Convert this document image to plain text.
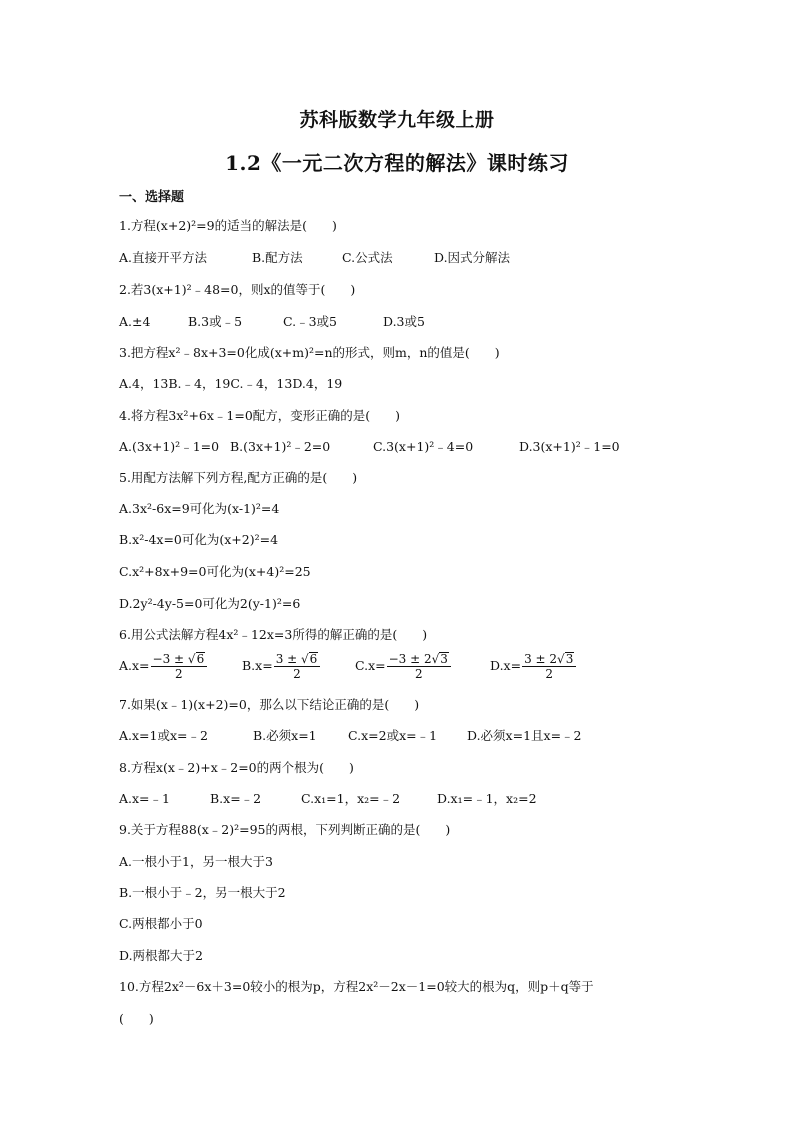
苏科版数学九年级上册
1.2《一元二次方程的解法》课时练习
一、选择题
1.方程(x+2)²=9的适当的解法是(　　)
A.直接开平方法	B.配方法	C.公式法	D.因式分解法
2.若3(x+1)²﹣48=0，则x的值等于(　　)
A.±4	B.3或﹣5	C.﹣3或5	D.3或5
3.把方程x²﹣8x+3=0化成(x+m)²=n的形式，则m，n的值是(　　)
A.4，13B.﹣4，19C.﹣4，13D.4，19
4.将方程3x²+6x﹣1=0配方，变形正确的是(　　)
A.(3x+1)²﹣1=0 B.(3x+1)²﹣2=0	C.3(x+1)²﹣4=0	D.3(x+1)²﹣1=0
5.用配方法解下列方程,配方正确的是(　　)
A.3x²-6x=9可化为(x-1)²=4
B.x²-4x=0可化为(x+2)²=4
C.x²+8x+9=0可化为(x+4)²=25
D.2y²-4y-5=0可化为2(y-1)²=6
6.用公式法解方程4x²﹣12x=3所得的解正确的是(　　)
$A.x= \frac{-3 \pm √6}{2}$	$B.x= \frac{3 \pm √6}{2}$	$C.x= \frac{-3 \pm 2√3}{2}$	$D.x= \frac{3 \pm 2√3}{2}$
7.如果(x﹣1)(x+2)=0，那么以下结论正确的是(　　)
A.x=1或x=﹣2	B.必须x=1	C.x=2或x=﹣1 D.必须x=1且x=﹣2
8.方程x(x﹣2)+x﹣2=0的两个根为(　　)
A.x=﹣1	B.x=﹣2	C.x₁=1，x₂=﹣2	D.x₁=﹣1，x₂=2
9.关于方程88(x﹣2)²=95的两根，下列判断正确的是(　　)
A.一根小于1，另一根大于3
B.一根小于﹣2，另一根大于2
C.两根都小于0
D.两根都大于2
10.方程2x²－6x＋3=0较小的根为p，方程2x²－2x－1=0较大的根为q，则p＋q等于
(　　)
